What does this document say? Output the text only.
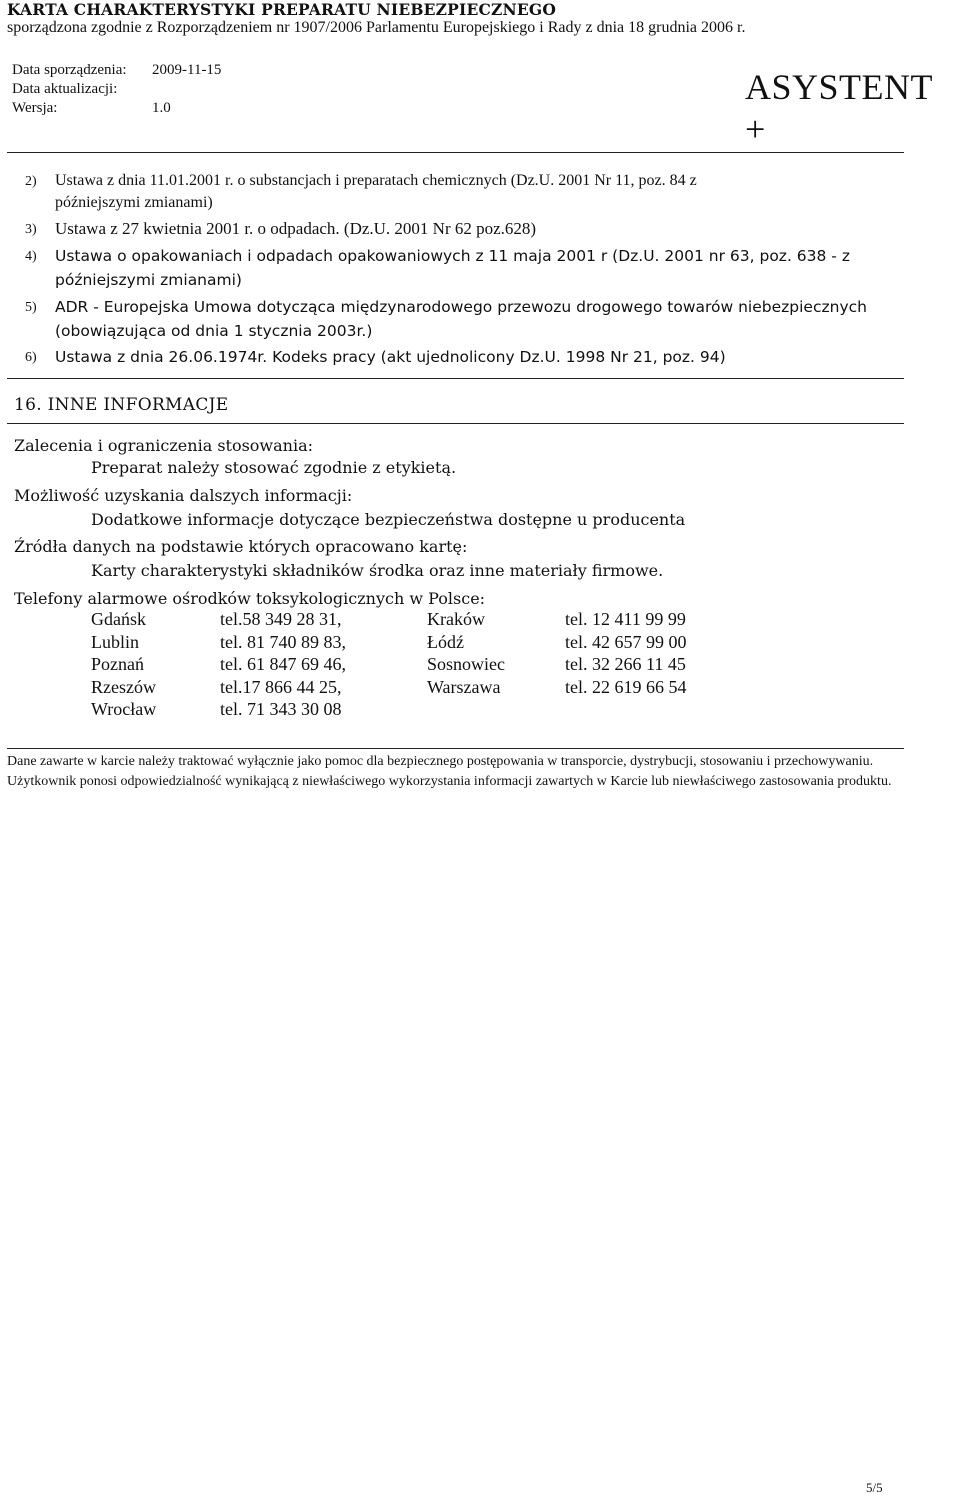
KARTA CHARAKTERYSTYKI PREPARATU NIEBEZPIECZNEGO
sporządzona zgodnie z Rozporządzeniem nr 1907/2006 Parlamentu Europejskiego i Rady z dnia 18 grudnia 2006 r.
Data sporządzenia: 2009-11-15
Data aktualizacji:
Wersja:	1.0
ASYSTENT +
2) Ustawa z dnia 11.01.2001 r. o substancjach i preparatach chemicznych (Dz.U. 2001 Nr 11, poz. 84 z
późniejszymi zmianami)
3) Ustawa z 27 kwietnia 2001 r. o odpadach. (Dz.U. 2001 Nr 62 poz.628)
4) Ustawa o opakowaniach i odpadach opakowaniowych z 11 maja 2001 r (Dz.U. 2001 nr 63, poz. 638 - z
późniejszymi zmianami)
5) ADR - Europejska Umowa dotycząca międzynarodowego przewozu drogowego towarów niebezpiecznych
(obowiązująca od dnia 1 stycznia 2003r.)
6) Ustawa z dnia 26.06.1974r. Kodeks pracy (akt ujednolicony Dz.U. 1998 Nr 21, poz. 94)
16. INNE INFORMACJE
Zalecenia i ograniczenia stosowania:
Preparat należy stosować zgodnie z etykietą.
Możliwość uzyskania dalszych informacji:
Dodatkowe informacje dotyczące bezpieczeństwa dostępne u producenta
Źródła danych na podstawie których opracowano kartę:
Karty charakterystyki składników środka oraz inne materiały firmowe.
Telefony alarmowe ośrodków toksykologicznych w Polsce:
Gdańsk	tel.58 349 28 31,	Kraków	tel. 12 411 99 99
Lublin	tel. 81 740 89 83,	Łódź	tel. 42 657 99 00
Poznań	tel. 61 847 69 46,	Sosnowiec	tel. 32 266 11 45
Rzeszów	tel.17 866 44 25,	Warszawa	tel. 22 619 66 54
Wrocław	tel. 71 343 30 08
Dane zawarte w karcie należy traktować wyłącznie jako pomoc dla bezpiecznego postępowania w transporcie, dystrybucji, stosowaniu i przechowywaniu. Użytkownik ponosi odpowiedzialność wynikającą z niewłaściwego wykorzystania informacji zawartych w Karcie lub niewłaściwego zastosowania produktu.
5/5
